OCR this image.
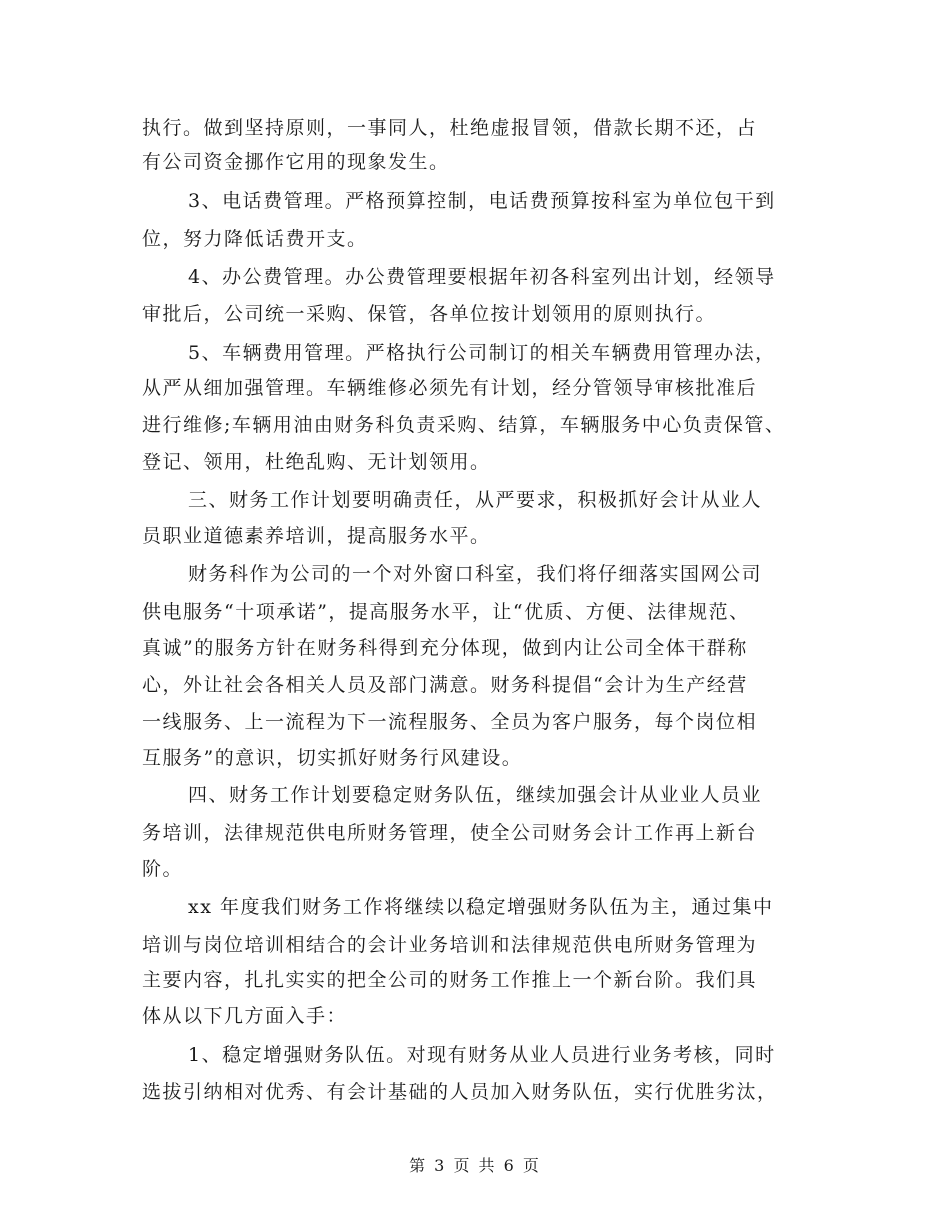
执行。做到坚持原则，一事同人，杜绝虚报冒领，借款长期不还，占
有公司资金挪作它用的现象发生。
3、电话费管理。严格预算控制，电话费预算按科室为单位包干到
位，努力降低话费开支。
4、办公费管理。办公费管理要根据年初各科室列出计划，经领导
审批后，公司统一采购、保管，各单位按计划领用的原则执行。
5、车辆费用管理。严格执行公司制订的相关车辆费用管理办法，
从严从细加强管理。车辆维修必须先有计划，经分管领导审核批准后
进行维修;车辆用油由财务科负责采购、结算，车辆服务中心负责保管、
登记、领用，杜绝乱购、无计划领用。
三、财务工作计划要明确责任，从严要求，积极抓好会计从业人
员职业道德素养培训，提高服务水平。
财务科作为公司的一个对外窗口科室，我们将仔细落实国网公司
供电服务“十项承诺”，提高服务水平，让“优质、方便、法律规范、
真诚”的服务方针在财务科得到充分体现，做到内让公司全体干群称
心，外让社会各相关人员及部门满意。财务科提倡“会计为生产经营
一线服务、上一流程为下一流程服务、全员为客户服务，每个岗位相
互服务”的意识，切实抓好财务行风建设。
四、财务工作计划要稳定财务队伍，继续加强会计从业业人员业
务培训，法律规范供电所财务管理，使全公司财务会计工作再上新台
阶。
xx 年度我们财务工作将继续以稳定增强财务队伍为主，通过集中
培训与岗位培训相结合的会计业务培训和法律规范供电所财务管理为
主要内容，扎扎实实的把全公司的财务工作推上一个新台阶。我们具
体从以下几方面入手：
1、稳定增强财务队伍。对现有财务从业人员进行业务考核，同时
选拔引纳相对优秀、有会计基础的人员加入财务队伍，实行优胜劣汰，
第 3 页 共 6 页
